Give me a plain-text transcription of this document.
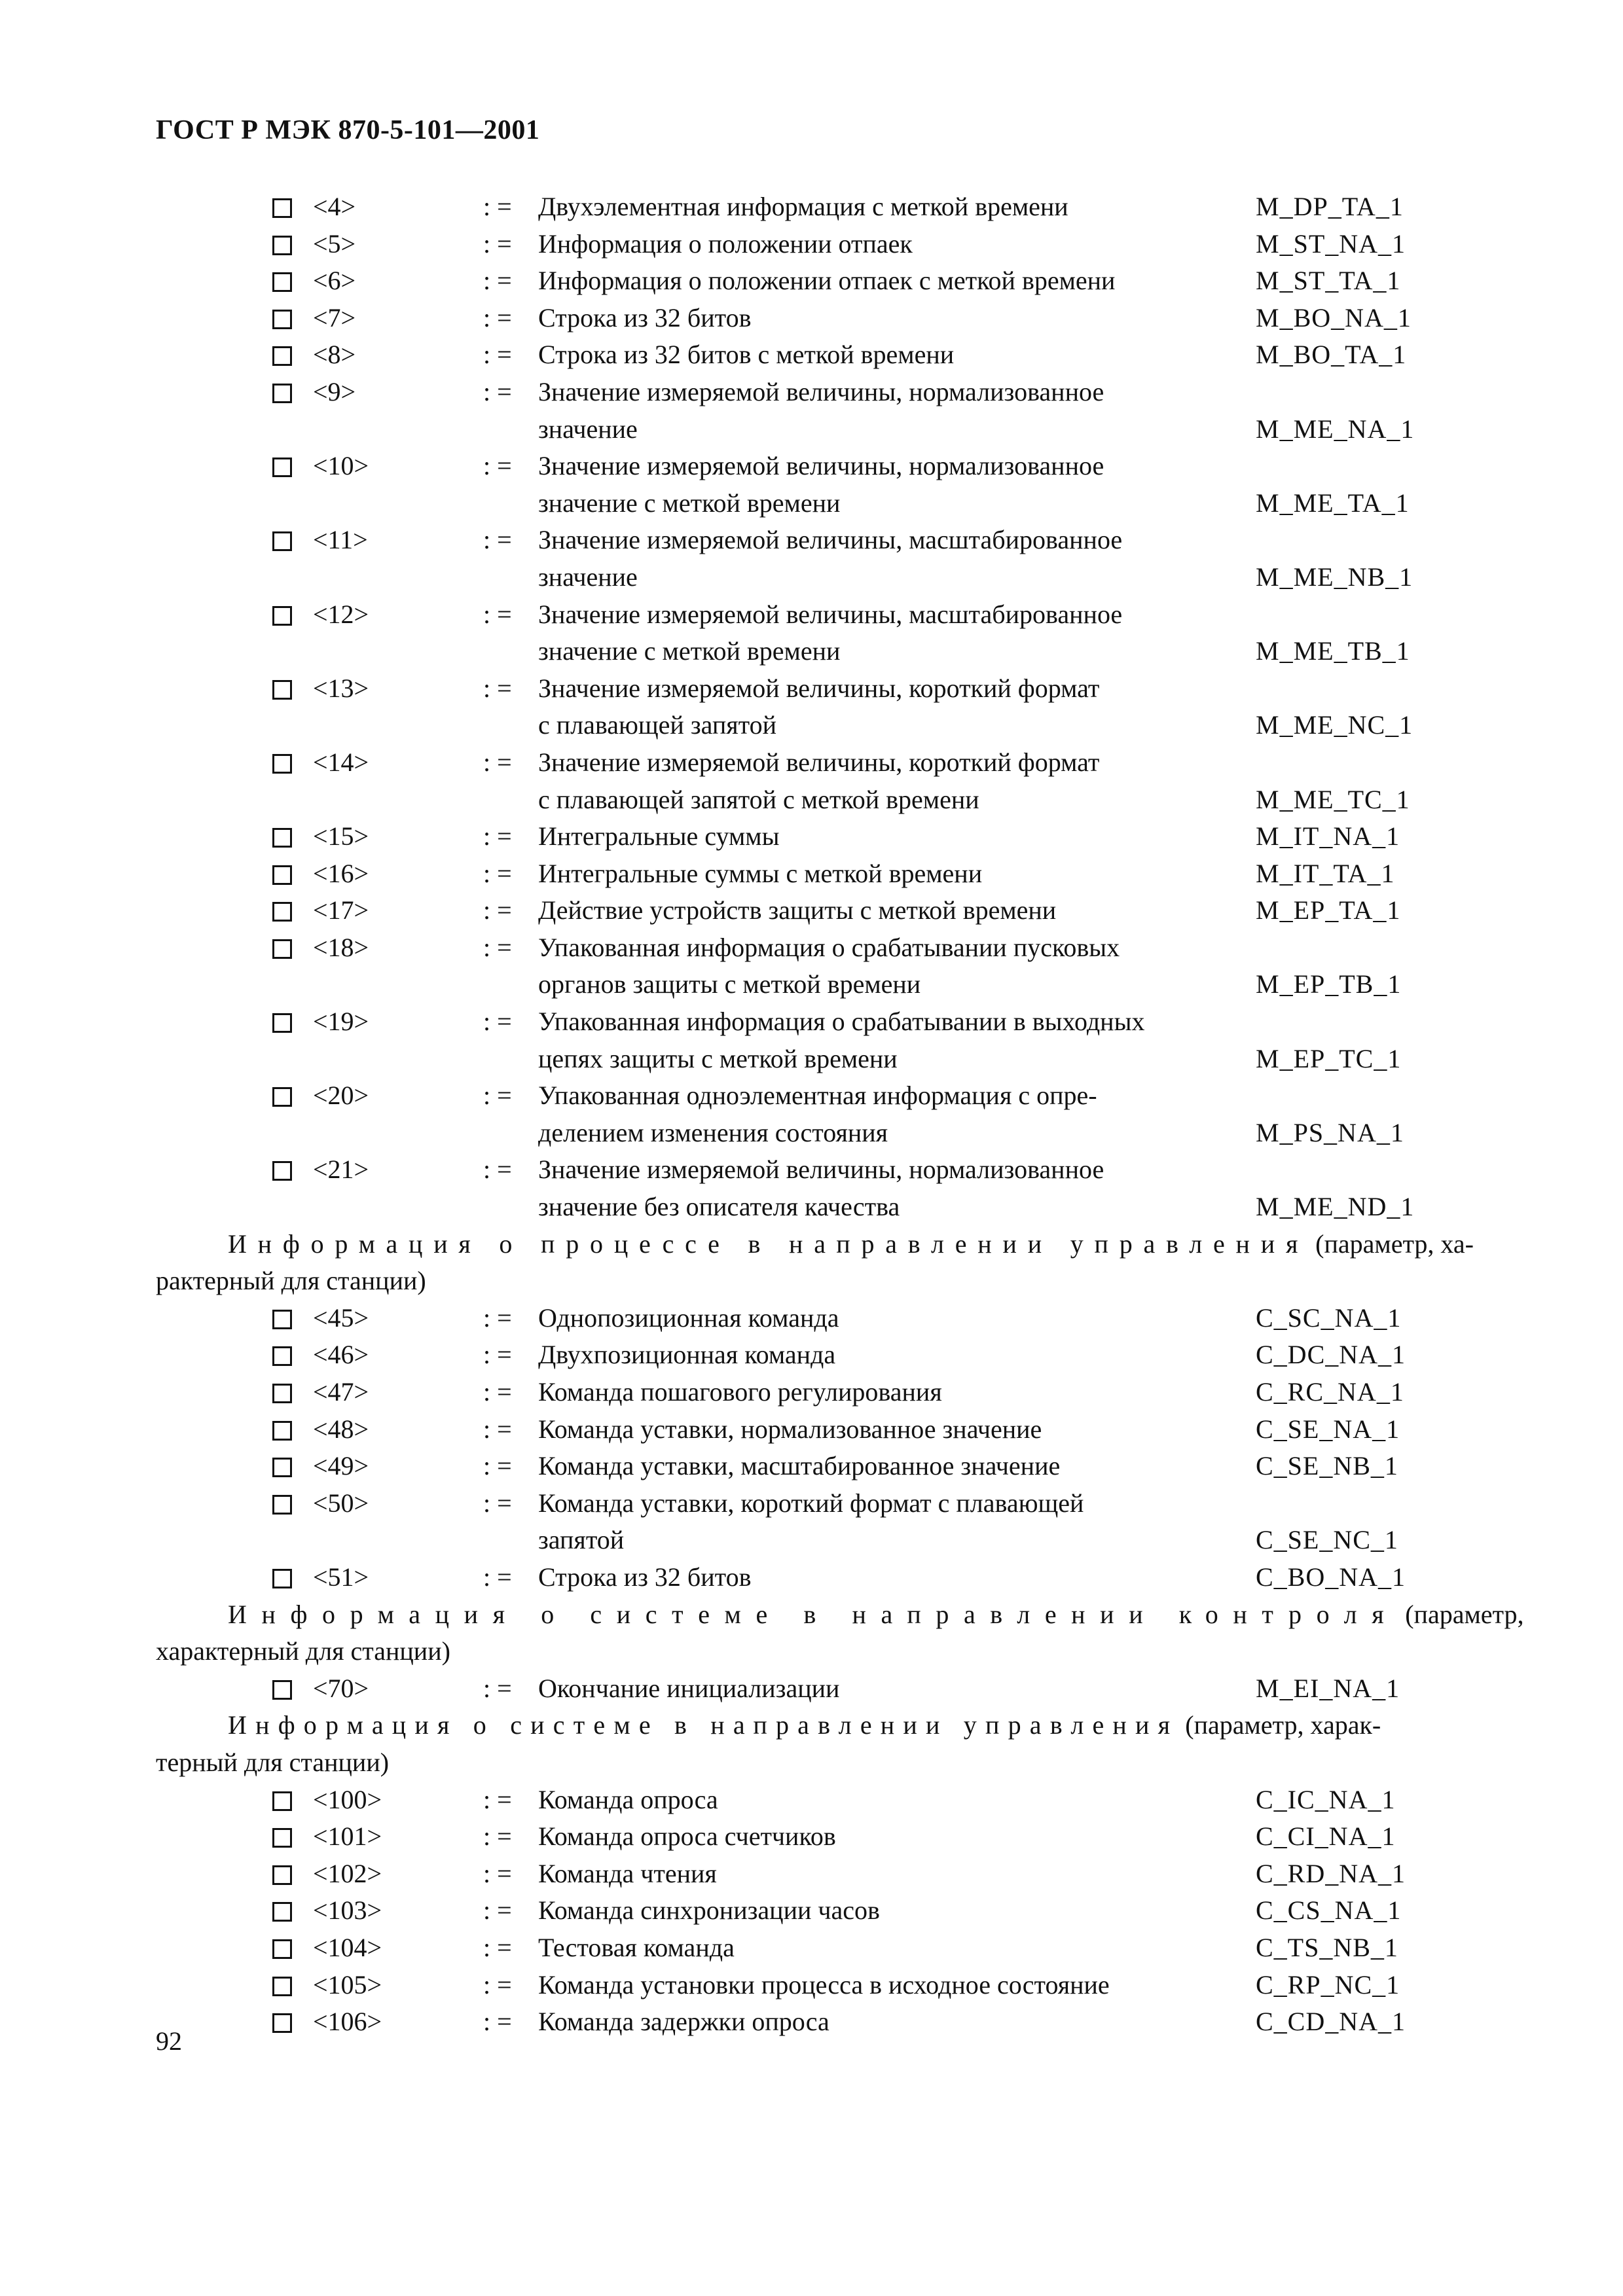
ГОСТ Р МЭК 870-5-101—2001
<4>	: = Двухэлементная информация с меткой времени	M_DP_TA_1
<5>	: = Информация о положении отпаек	M_ST_NA_1
<6>	: = Информация о положении отпаек с меткой времени	M_ST_TA_1
<7>	: = Строка из 32 битов	M_BO_NA_1
<8>	: = Строка из 32 битов с меткой времени	M_BO_TA_1
<9>	: = Значение измеряемой величины, нормализованное
значение	M_ME_NA_1
<10>	: = Значение измеряемой величины, нормализованное
значение с меткой времени	M_ME_TA_1
<11>	: = Значение измеряемой величины, масштабированное
значение	M_ME_NB_1
<12>	: = Значение измеряемой величины, масштабированное
значение с меткой времени	M_ME_TB_1
<13>	: = Значение измеряемой величины, короткий формат
с плавающей запятой	M_ME_NC_1
<14>	: = Значение измеряемой величины, короткий формат
с плавающей запятой с меткой времени	M_ME_TC_1
<15>	: = Интегральные суммы	M_IT_NA_1
<16>	: = Интегральные суммы с меткой времени	M_IT_TA_1
<17>	: = Действие устройств защиты с меткой времени	M_EP_TA_1
<18>	: = Упакованная информация о срабатывании пусковых
органов защиты с меткой времени	M_EP_TB_1
<19>	: = Упакованная информация о срабатывании в выходных
цепях защиты с меткой времени	M_EP_TC_1
<20>	: = Упакованная одноэлементная информация с опре-
делением изменения состояния	M_PS_NA_1
<21>	: = Значение измеряемой величины, нормализованное
значение без описателя качества	M_ME_ND_1
Информация о процессе в направлении управления (параметр, ха-
рактерный для станции)
<45>	: = Однопозиционная команда	C_SC_NA_1
<46>	: = Двухпозиционная команда	C_DC_NA_1
<47>	: = Команда пошагового регулирования	C_RC_NA_1
<48>	: = Команда уставки, нормализованное значение	C_SE_NA_1
<49>	: = Команда уставки, масштабированное значение	C_SE_NB_1
<50>	: = Команда уставки, короткий формат с плавающей
запятой	C_SE_NC_1
<51>	: = Строка из 32 битов	C_BO_NA_1
Информация о системе в направлении контроля (параметр,
характерный для станции)
<70>	: = Окончание инициализации	M_EI_NA_1
Информация о системе в направлении управления (параметр, харак-
терный для станции)
<100>	: = Команда опроса	C_IC_NA_1
<101>	: = Команда опроса счетчиков	C_CI_NA_1
<102>	: = Команда чтения	C_RD_NA_1
<103>	: = Команда синхронизации часов	C_CS_NA_1
<104>	: = Тестовая команда	C_TS_NB_1
<105>	: = Команда установки процесса в исходное состояние	C_RP_NC_1
<106>	: = Команда задержки опроса	C_CD_NA_1
92
